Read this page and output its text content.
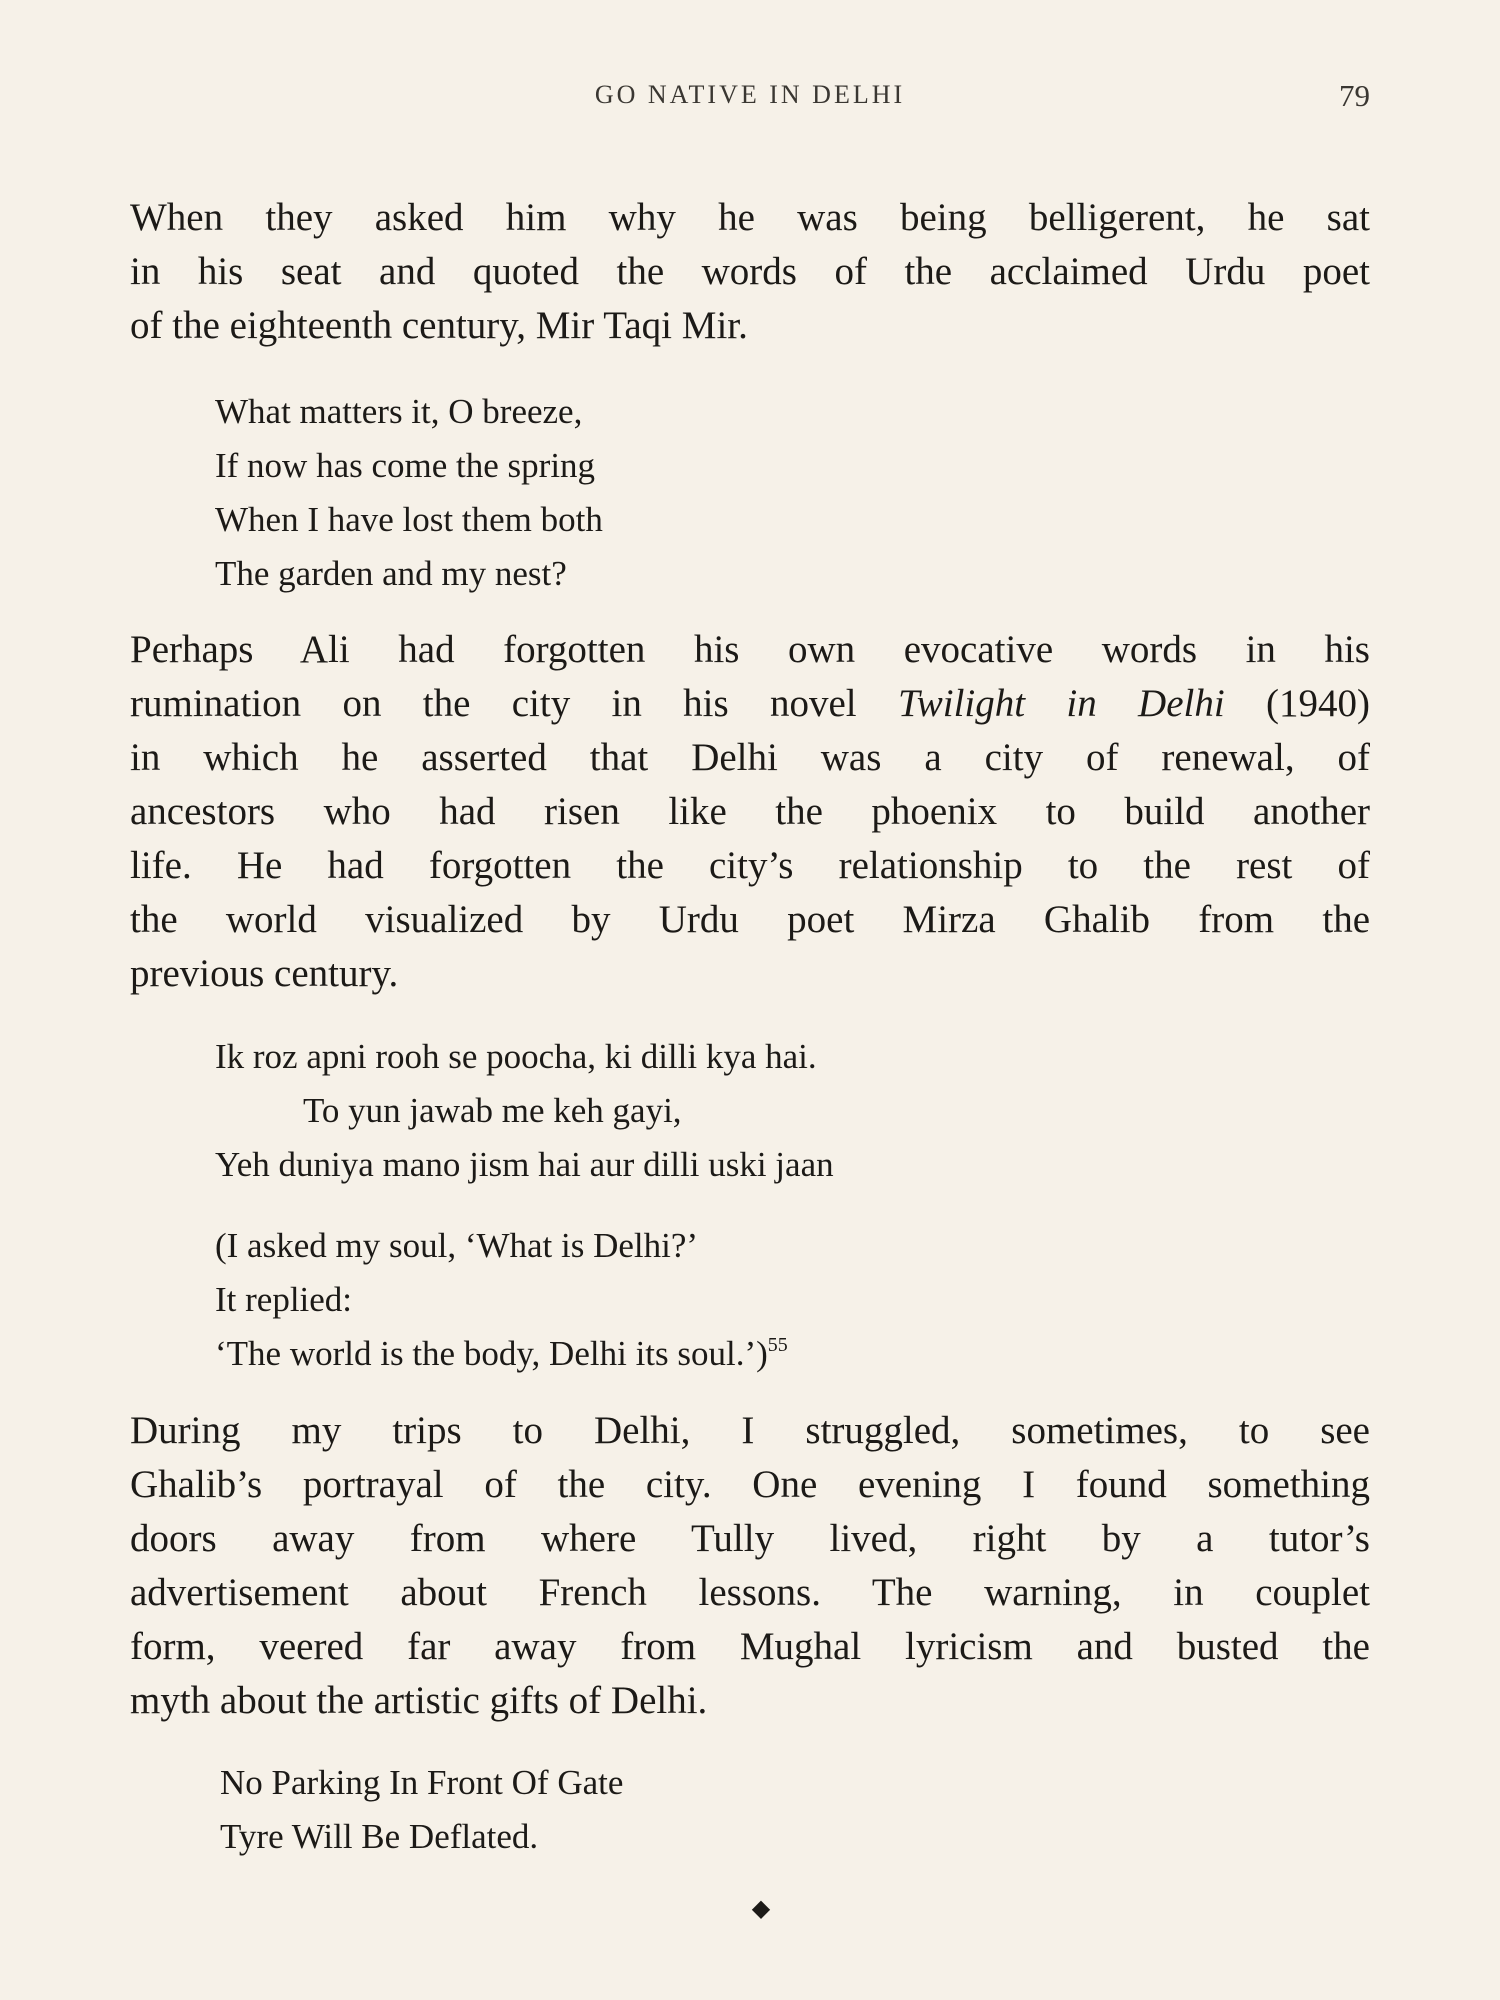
GO NATIVE IN DELHI	79
When they asked him why he was being belligerent, he sat
in his seat and quoted the words of the acclaimed Urdu poet
of the eighteenth century, Mir Taqi Mir.
What matters it, O breeze,
If now has come the spring
When I have lost them both
The garden and my nest?
Perhaps Ali had forgotten his own evocative words in his
rumination on the city in his novel Twilight in Delhi (1940)
in which he asserted that Delhi was a city of renewal, of
ancestors who had risen like the phoenix to build another
life. He had forgotten the city’s relationship to the rest of
the world visualized by Urdu poet Mirza Ghalib from the
previous century.
Ik roz apni rooh se poocha, ki dilli kya hai.
To yun jawab me keh gayi,
Yeh duniya mano jism hai aur dilli uski jaan
(I asked my soul, ‘What is Delhi?’
It replied:
‘The world is the body, Delhi its soul.’)$^{55}$
During my trips to Delhi, I struggled, sometimes, to see
Ghalib’s portrayal of the city. One evening I found something
doors away from where Tully lived, right by a tutor’s
advertisement about French lessons. The warning, in couplet
form, veered far away from Mughal lyricism and busted the
myth about the artistic gifts of Delhi.
No Parking In Front Of Gate
Tyre Will Be Deflated.
◆
